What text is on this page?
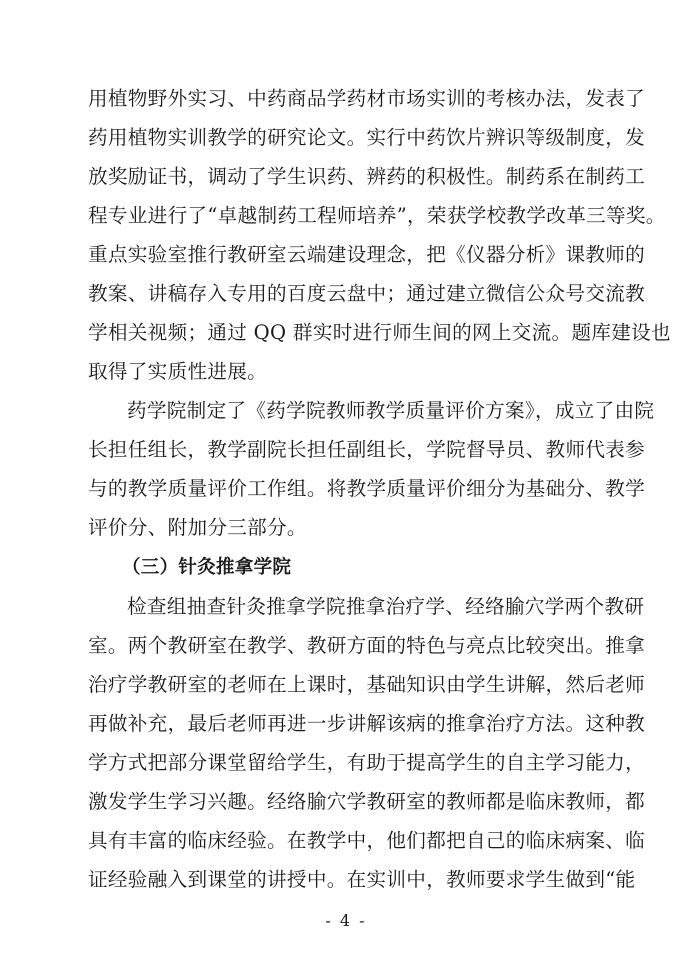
用植物野外实习、中药商品学药材市场实训的考核办法，发表了
药用植物实训教学的研究论文。实行中药饮片辨识等级制度，发
放奖励证书，调动了学生识药、辨药的积极性。制药系在制药工
程专业进行了“卓越制药工程师培养”，荣获学校教学改革三等奖。
重点实验室推行教研室云端建设理念，把《仪器分析》课教师的
教案、讲稿存入专用的百度云盘中；通过建立微信公众号交流教
学相关视频；通过 QQ 群实时进行师生间的网上交流。题库建设也
取得了实质性进展。
药学院制定了《药学院教师教学质量评价方案》，成立了由院
长担任组长，教学副院长担任副组长，学院督导员、教师代表参
与的教学质量评价工作组。将教学质量评价细分为基础分、教学
评价分、附加分三部分。
（三）针灸推拿学院
检查组抽查针灸推拿学院推拿治疗学、经络腧穴学两个教研
室。两个教研室在教学、教研方面的特色与亮点比较突出。推拿
治疗学教研室的老师在上课时，基础知识由学生讲解，然后老师
再做补充，最后老师再进一步讲解该病的推拿治疗方法。这种教
学方式把部分课堂留给学生，有助于提高学生的自主学习能力，
激发学生学习兴趣。经络腧穴学教研室的教师都是临床教师，都
具有丰富的临床经验。在教学中，他们都把自己的临床病案、临
证经验融入到课堂的讲授中。在实训中，教师要求学生做到“能
- 4 -
